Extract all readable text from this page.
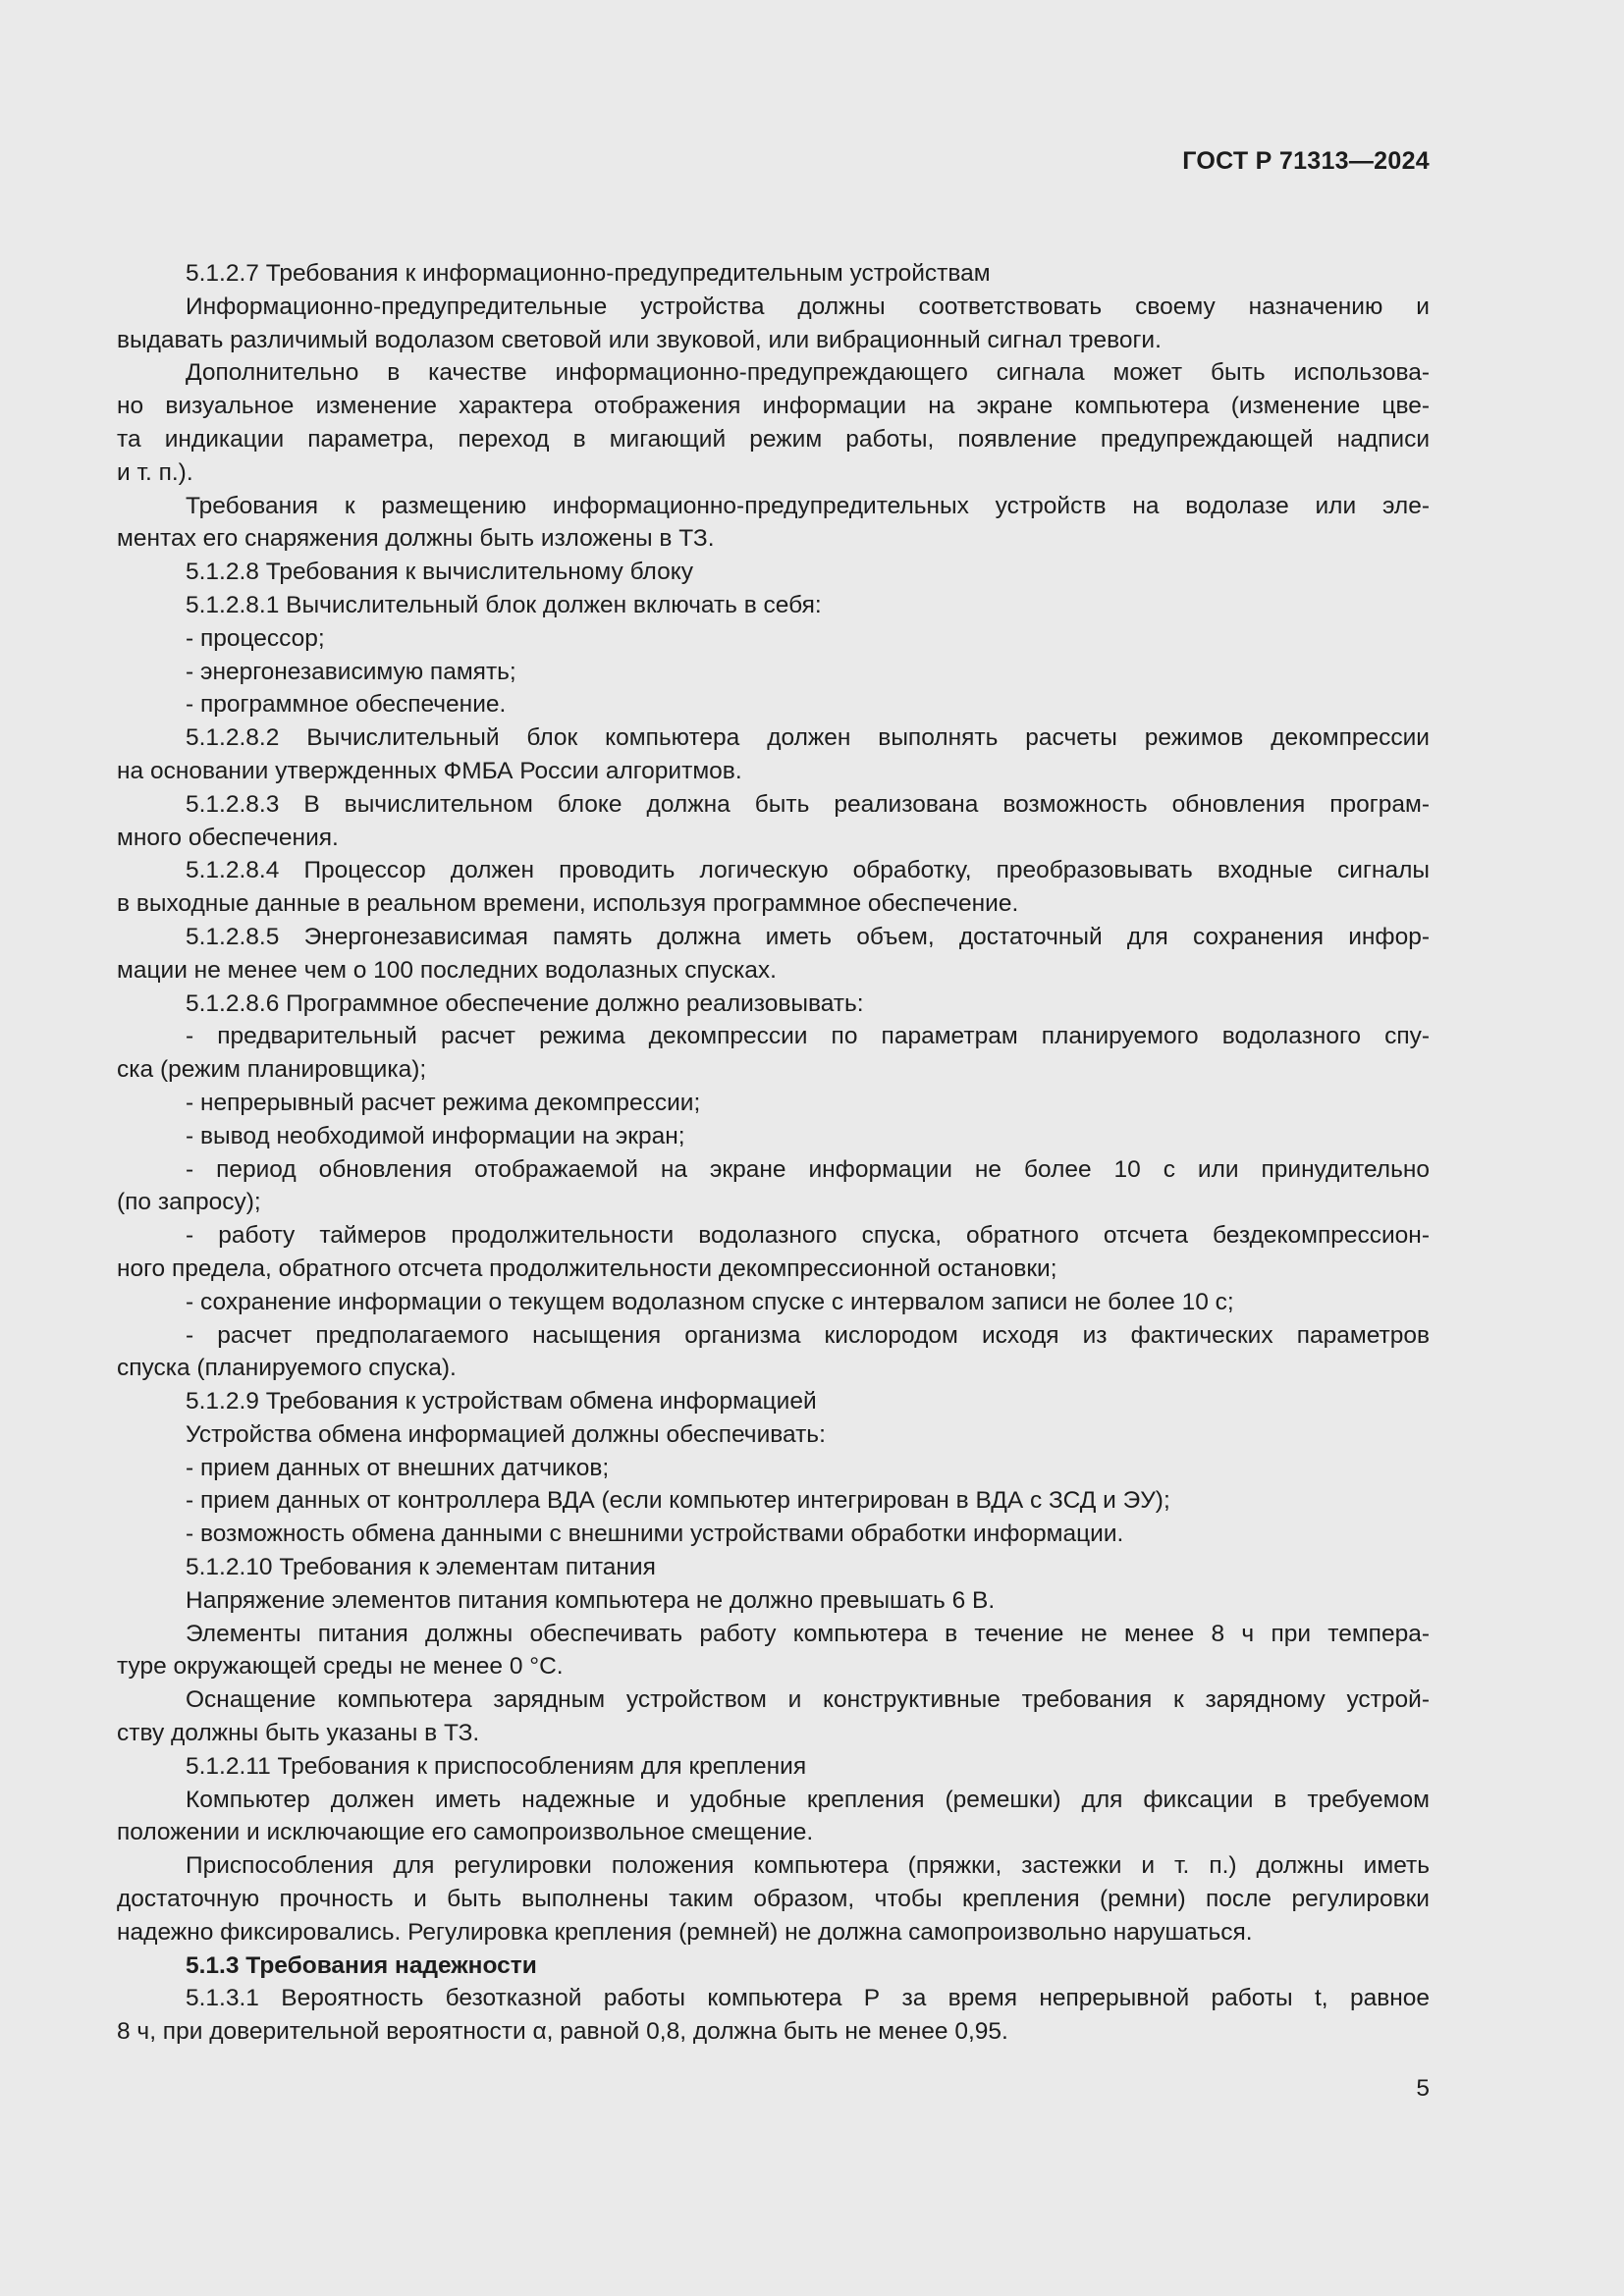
ГОСТ Р 71313—2024
5.1.2.7 Требования к информационно-предупредительным устройствам
Информационно-предупредительные устройства должны соответствовать своему назначению и
выдавать различимый водолазом световой или звуковой, или вибрационный сигнал тревоги.
Дополнительно в качестве информационно-предупреждающего сигнала может быть использова-
но визуальное изменение характера отображения информации на экране компьютера (изменение цве-
та индикации параметра, переход в мигающий режим работы, появление предупреждающей надписи
и т. п.).
Требования к размещению информационно-предупредительных устройств на водолазе или эле-
ментах его снаряжения должны быть изложены в ТЗ.
5.1.2.8 Требования к вычислительному блоку
5.1.2.8.1 Вычислительный блок должен включать в себя:
- процессор;
- энергонезависимую память;
- программное обеспечение.
5.1.2.8.2 Вычислительный блок компьютера должен выполнять расчеты режимов декомпрессии
на основании утвержденных ФМБА России алгоритмов.
5.1.2.8.3 В вычислительном блоке должна быть реализована возможность обновления програм-
много обеспечения.
5.1.2.8.4 Процессор должен проводить логическую обработку, преобразовывать входные сигналы
в выходные данные в реальном времени, используя программное обеспечение.
5.1.2.8.5 Энергонезависимая память должна иметь объем, достаточный для сохранения инфор-
мации не менее чем о 100 последних водолазных спусках.
5.1.2.8.6 Программное обеспечение должно реализовывать:
- предварительный расчет режима декомпрессии по параметрам планируемого водолазного спу-
ска (режим планировщика);
- непрерывный расчет режима декомпрессии;
- вывод необходимой информации на экран;
- период обновления отображаемой на экране информации не более 10 с или принудительно
(по запросу);
- работу таймеров продолжительности водолазного спуска, обратного отсчета бездекомпрессион-
ного предела, обратного отсчета продолжительности декомпрессионной остановки;
- сохранение информации о текущем водолазном спуске с интервалом записи не более 10 с;
- расчет предполагаемого насыщения организма кислородом исходя из фактических параметров
спуска (планируемого спуска).
5.1.2.9 Требования к устройствам обмена информацией
Устройства обмена информацией должны обеспечивать:
- прием данных от внешних датчиков;
- прием данных от контроллера ВДА (если компьютер интегрирован в ВДА с ЗСД и ЭУ);
- возможность обмена данными с внешними устройствами обработки информации.
5.1.2.10 Требования к элементам питания
Напряжение элементов питания компьютера не должно превышать 6 В.
Элементы питания должны обеспечивать работу компьютера в течение не менее 8 ч при темпера-
туре окружающей среды не менее 0 °С.
Оснащение компьютера зарядным устройством и конструктивные требования к зарядному устрой-
ству должны быть указаны в ТЗ.
5.1.2.11 Требования к приспособлениям для крепления
Компьютер должен иметь надежные и удобные крепления (ремешки) для фиксации в требуемом
положении и исключающие его самопроизвольное смещение.
Приспособления для регулировки положения компьютера (пряжки, застежки и т. п.) должны иметь
достаточную прочность и быть выполнены таким образом, чтобы крепления (ремни) после регулировки
надежно фиксировались. Регулировка крепления (ремней) не должна самопроизвольно нарушаться.
5.1.3 Требования надежности
5.1.3.1 Вероятность безотказной работы компьютера Р за время непрерывной работы t, равное
8 ч, при доверительной вероятности α, равной 0,8, должна быть не менее 0,95.
5
